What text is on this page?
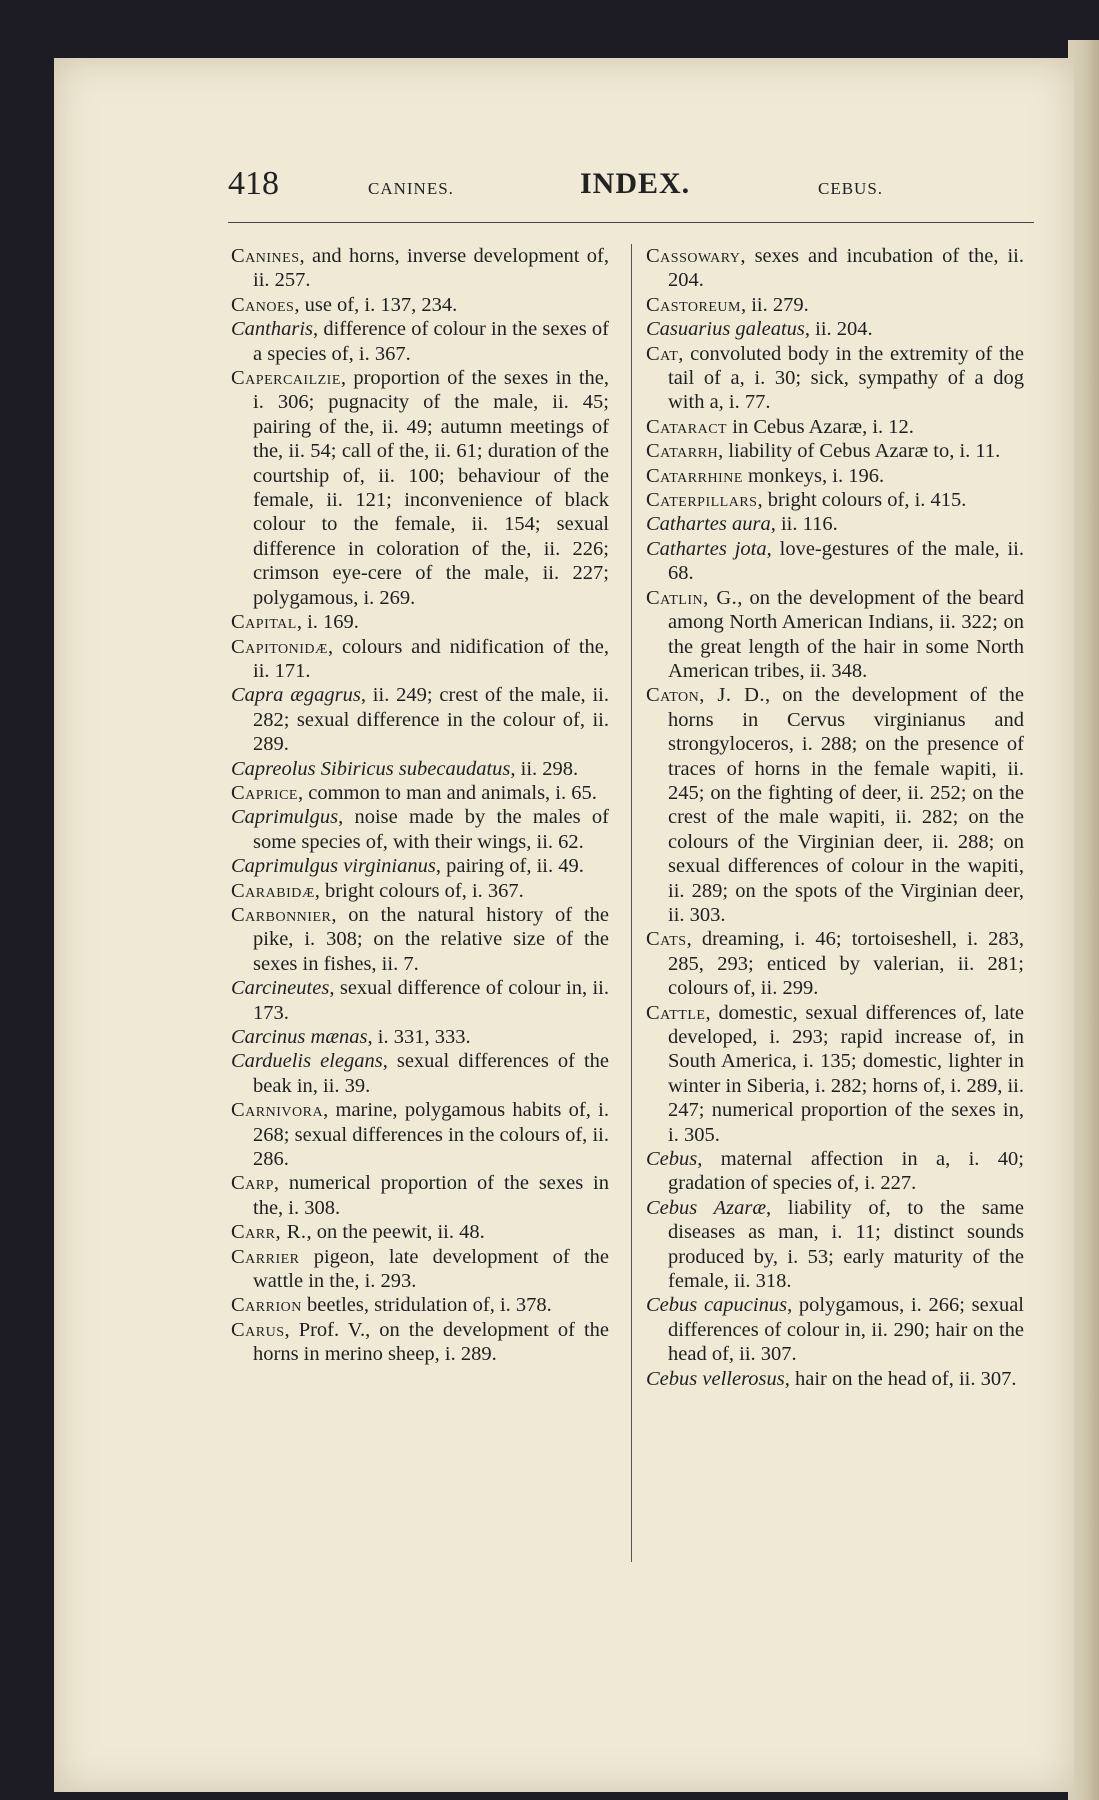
418	CANINES.	INDEX.	CEBUS.

Canines, and horns, inverse development of, ii. 257.

Canoes, use of, i. 137, 234.

Cantharis, difference of colour in the sexes of a species of, i. 367.

Capercailzie, proportion of the sexes in the, i. 306; pugnacity of the male, ii. 45; pairing of the, ii. 49; autumn meetings of the, ii. 54; call of the, ii. 61; duration of the courtship of, ii. 100; behaviour of the female, ii. 121; inconvenience of black colour to the female, ii. 154; sexual difference in coloration of the, ii. 226; crimson eye-cere of the male, ii. 227; polygamous, i. 269.

Capital, i. 169.

Capitonidæ, colours and nidification of the, ii. 171.

Capra ægagrus, ii. 249; crest of the male, ii. 282; sexual difference in the colour of, ii. 289.

Capreolus Sibiricus subecaudatus, ii. 298.

Caprice, common to man and animals, i. 65.

Caprimulgus, noise made by the males of some species of, with their wings, ii. 62.

Caprimulgus virginianus, pairing of, ii. 49.

Carabidæ, bright colours of, i. 367.

Carbonnier, on the natural history of the pike, i. 308; on the relative size of the sexes in fishes, ii. 7.

Carcineutes, sexual difference of colour in, ii. 173.

Carcinus mænas, i. 331, 333.

Carduelis elegans, sexual differences of the beak in, ii. 39.

Carnivora, marine, polygamous habits of, i. 268; sexual differences in the colours of, ii. 286.

Carp, numerical proportion of the sexes in the, i. 308.

Carr, R., on the peewit, ii. 48.

Carrier pigeon, late development of the wattle in the, i. 293.

Carrion beetles, stridulation of, i. 378.

Carus, Prof. V., on the development of the horns in merino sheep, i. 289.

Cassowary, sexes and incubation of the, ii. 204.

Castoreum, ii. 279.

Casuarius galeatus, ii. 204.

Cat, convoluted body in the extremity of the tail of a, i. 30; sick, sympathy of a dog with a, i. 77.

Cataract in Cebus Azaræ, i. 12.

Catarrh, liability of Cebus Azaræ to, i. 11.

Catarrhine monkeys, i. 196.

Caterpillars, bright colours of, i. 415.

Cathartes aura, ii. 116.

Cathartes jota, love-gestures of the male, ii. 68.

Catlin, G., on the development of the beard among North American Indians, ii. 322; on the great length of the hair in some North American tribes, ii. 348.

Caton, J. D., on the development of the horns in Cervus virginianus and strongyloceros, i. 288; on the presence of traces of horns in the female wapiti, ii. 245; on the fighting of deer, ii. 252; on the crest of the male wapiti, ii. 282; on the colours of the Virginian deer, ii. 288; on sexual differences of colour in the wapiti, ii. 289; on the spots of the Virginian deer, ii. 303.

Cats, dreaming, i. 46; tortoiseshell, i. 283, 285, 293; enticed by valerian, ii. 281; colours of, ii. 299.

Cattle, domestic, sexual differences of, late developed, i. 293; rapid increase of, in South America, i. 135; domestic, lighter in winter in Siberia, i. 282; horns of, i. 289, ii. 247; numerical proportion of the sexes in, i. 305.

Cebus, maternal affection in a, i. 40; gradation of species of, i. 227.

Cebus Azaræ, liability of, to the same diseases as man, i. 11; distinct sounds produced by, i. 53; early maturity of the female, ii. 318.

Cebus capucinus, polygamous, i. 266; sexual differences of colour in, ii. 290; hair on the head of, ii. 307.

Cebus vellerosus, hair on the head of, ii. 307.
